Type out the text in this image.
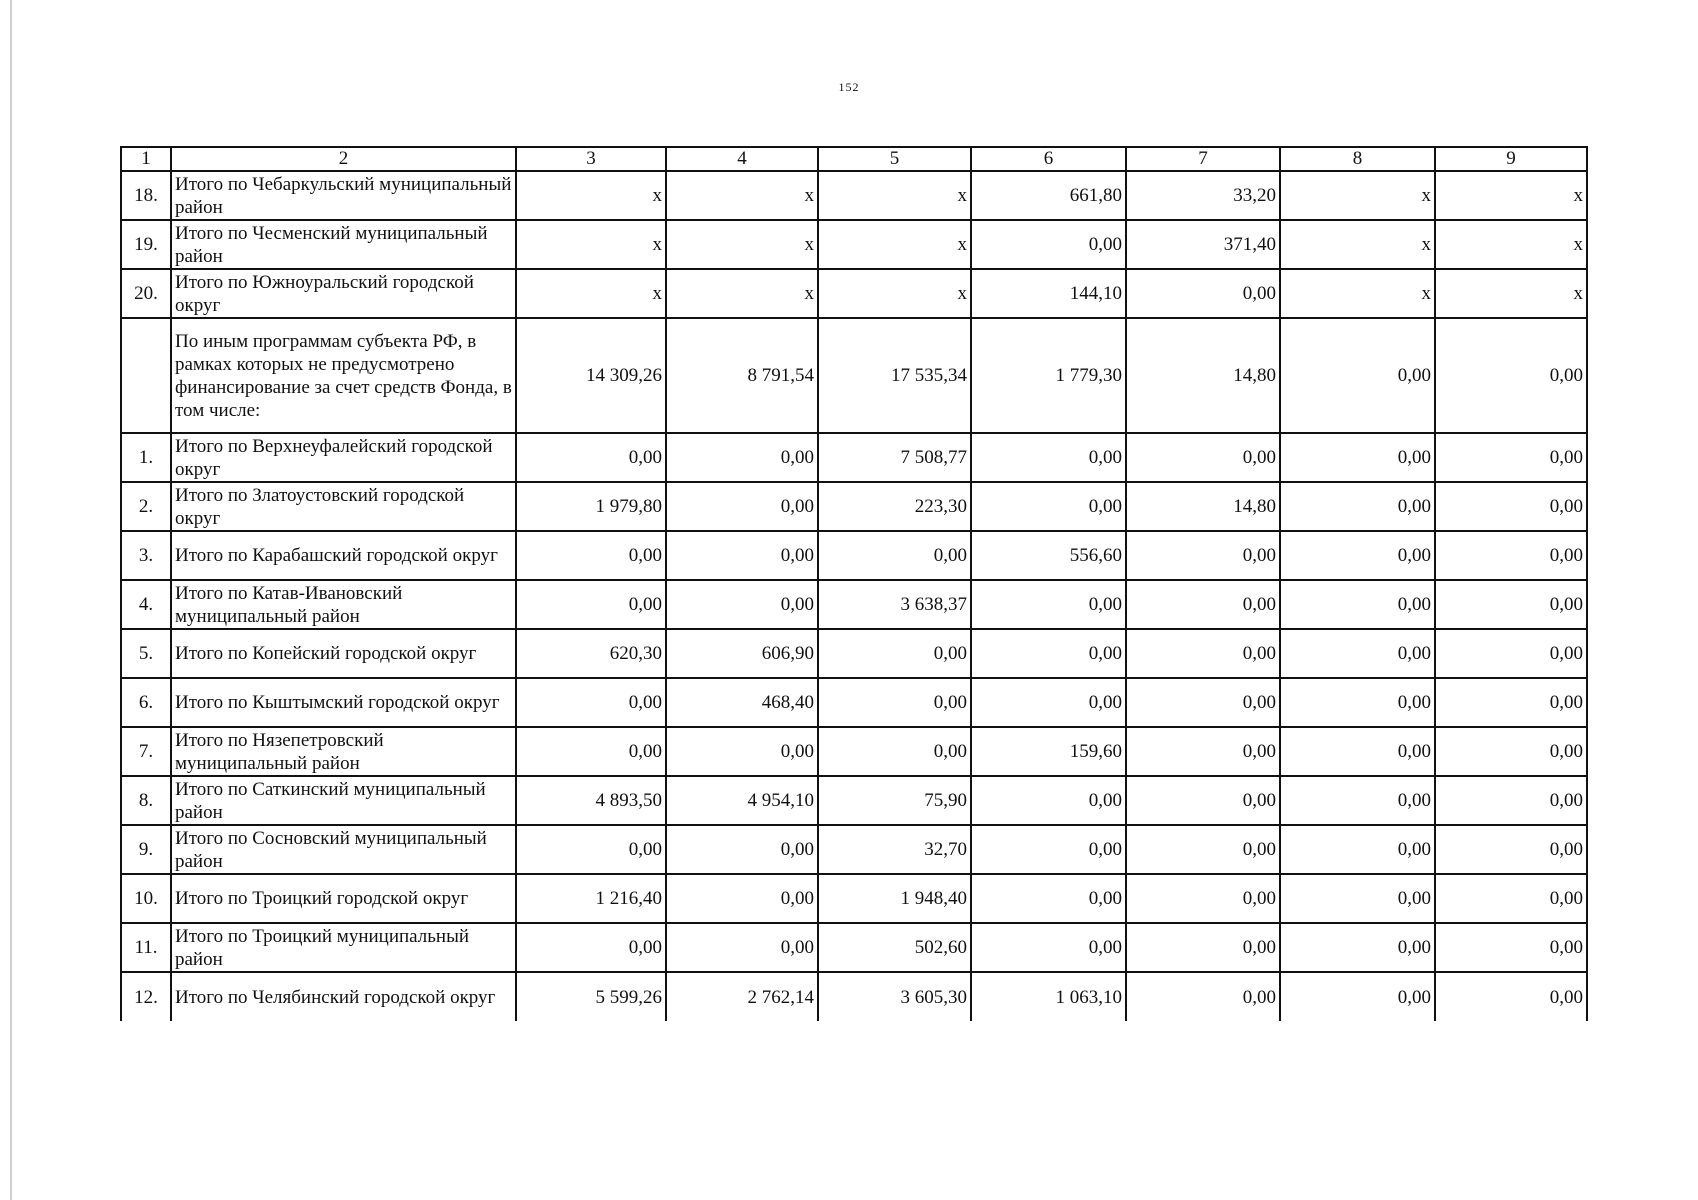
152
1	2	3	4	5	6	7	8	9
18.	Итого по Чебаркульский муниципальный район	x	x	x	661,80	33,20	x	x
19.	Итого по Чесменский муниципальный район	x	x	x	0,00	371,40	x	x
20.	Итого по Южноуральский городской округ	x	x	x	144,10	0,00	x	x
	По иным программам субъекта РФ, в рамках которых не предусмотрено финансирование за счет средств Фонда, в том числе:	14 309,26	8 791,54	17 535,34	1 779,30	14,80	0,00	0,00
1.	Итого по Верхнеуфалейский городской округ	0,00	0,00	7 508,77	0,00	0,00	0,00	0,00
2.	Итого по Златоустовский городской округ	1 979,80	0,00	223,30	0,00	14,80	0,00	0,00
3.	Итого по Карабашский городской округ	0,00	0,00	0,00	556,60	0,00	0,00	0,00
4.	Итого по Катав-Ивановский муниципальный район	0,00	0,00	3 638,37	0,00	0,00	0,00	0,00
5.	Итого по Копейский городской округ	620,30	606,90	0,00	0,00	0,00	0,00	0,00
6.	Итого по Кыштымский городской округ	0,00	468,40	0,00	0,00	0,00	0,00	0,00
7.	Итого по Нязепетровский муниципальный район	0,00	0,00	0,00	159,60	0,00	0,00	0,00
8.	Итого по Саткинский муниципальный район	4 893,50	4 954,10	75,90	0,00	0,00	0,00	0,00
9.	Итого по Сосновский муниципальный район	0,00	0,00	32,70	0,00	0,00	0,00	0,00
10.	Итого по Троицкий городской округ	1 216,40	0,00	1 948,40	0,00	0,00	0,00	0,00
11.	Итого по Троицкий муниципальный район	0,00	0,00	502,60	0,00	0,00	0,00	0,00
12.	Итого по Челябинский городской округ	5 599,26	2 762,14	3 605,30	1 063,10	0,00	0,00	0,00
